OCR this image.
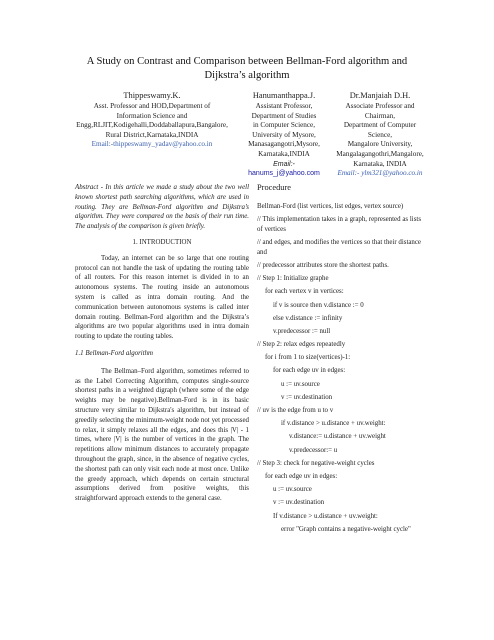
A Study on Contrast and Comparison between Bellman-Ford algorithm and
Dijkstra’s algorithm
Thippeswamy.K.
Asst. Professor and HOD,Department of
Information Science and
Engg,RLJIT,Kodigehalli,Doddaballapura,Bangalore,
Rural District,Karnataka,INDIA
Email:-thippeswamy_yadav@yahoo.co.in
Hanumanthappa.J.
Assistant Professor,
Department of Studies
in Computer Science,
University of Mysore,
Manasagangotri,Mysore,
Karnataka,INDIA
Email:-
hanums_j@yahoo.com
Dr.Manjaiah D.H.
Associate Professor and
Chairman,
Department of Computer
Science,
Mangalore University,
Mangalagangothri,Mangalore,
Karnataka, INDIA
Email:- ylm321@yahoo.co.in

Abstract - In this article we made a study about the two well known shortest path searching algorithms, which are used in routing. They are Bellman-Ford algorithm and Dijkstra’s algorithm. They were compared on the basis of their run time. The analysis of the comparison is given briefly.

1. INTRODUCTION

Today, an internet can be so large that one routing protocol can not handle the task of updating the routing table of all routers. For this reason internet is divided in to an autonomous systems. The routing inside an autonomous system is called as intra domain routing. And the communication between autonomous systems is called inter domain routing. Bellman-Ford algorithm and the Dijkstra’s algorithms are two popular algorithms used in intra domain routing to update the routing tables.

1.1 Bellman-Ford algorithm

The Bellman–Ford algorithm, sometimes referred to as the Label Correcting Algorithm, computes single-source shortest paths in a weighted digraph (where some of the edge weights may be negative).Bellman-Ford is in its basic structure very similar to Dijkstra's algorithm, but instead of greedily selecting the minimum-weight node not yet processed to relax, it simply relaxes all the edges, and does this |V| - 1 times, where |V| is the number of vertices in the graph. The repetitions allow minimum distances to accurately propagate throughout the graph, since, in the absence of negative cycles, the shortest path can only visit each node at most once. Unlike the greedy approach, which depends on certain structural assumptions derived from positive weights, this straightforward approach extends to the general case.

Procedure

Bellman-Ford (list vertices, list edges, vertex source)

// This implementation takes in a graph, represented as lists of vertices

// and edges, and modifies the vertices so that their distance and

// predecessor attributes store the shortest paths.

// Step 1: Initialize graphe

for each vertex v in vertices:

if v is source then v.distance := 0

else v.distance := infinity

v.predecessor := null

// Step 2: relax edges repeatedly

for i from 1 to size(vertices)-1:

for each edge uv in edges:

u := uv.source

v := uv.destination

// uv is the edge from u to v

if v.distance > u.distance + uv.weight:

v.distance:= u.distance + uv.weight

v.predecessor:= u

// Step 3: check for negative-weight cycles

for each edge uv in edges:

u := uv.source

v := uv.destination

If v.distance > u.distance + uv.weight:

error "Graph contains a negative-weight cycle"
